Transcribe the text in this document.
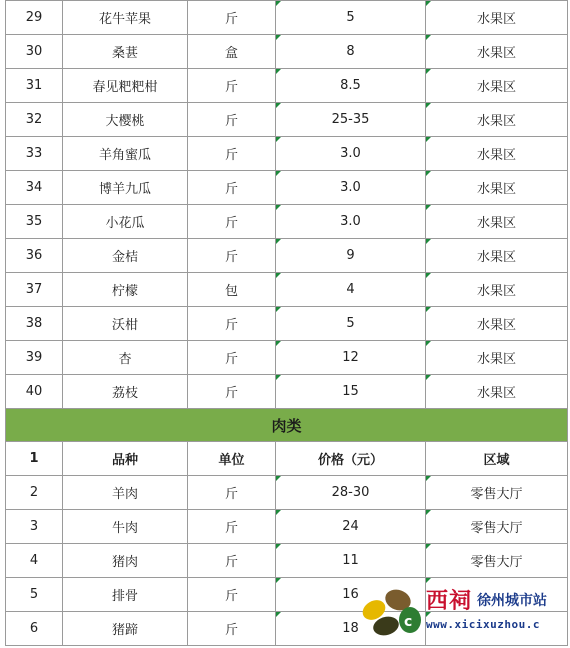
29	花牛苹果	斤	5	水果区
30	桑葚	盒	8	水果区
31	春见粑粑柑	斤	8.5	水果区
32	大樱桃	斤	25-35	水果区
33	羊角蜜瓜	斤	3.0	水果区
34	博羊九瓜	斤	3.0	水果区
35	小花瓜	斤	3.0	水果区
36	金桔	斤	9	水果区
37	柠檬	包	4	水果区
38	沃柑	斤	5	水果区
39	杏	斤	12	水果区
40	荔枝	斤	15	水果区
肉类				
1	品种	单位	价格（元）	区域
2	羊肉	斤	28-30	零售大厅
3	牛肉	斤	24	零售大厅
4	猪肉	斤	11	零售大厅
5	排骨	斤	16	
6	猪蹄	斤	18		c
西祠 徐州城市站
www.xicixuzhou.c
